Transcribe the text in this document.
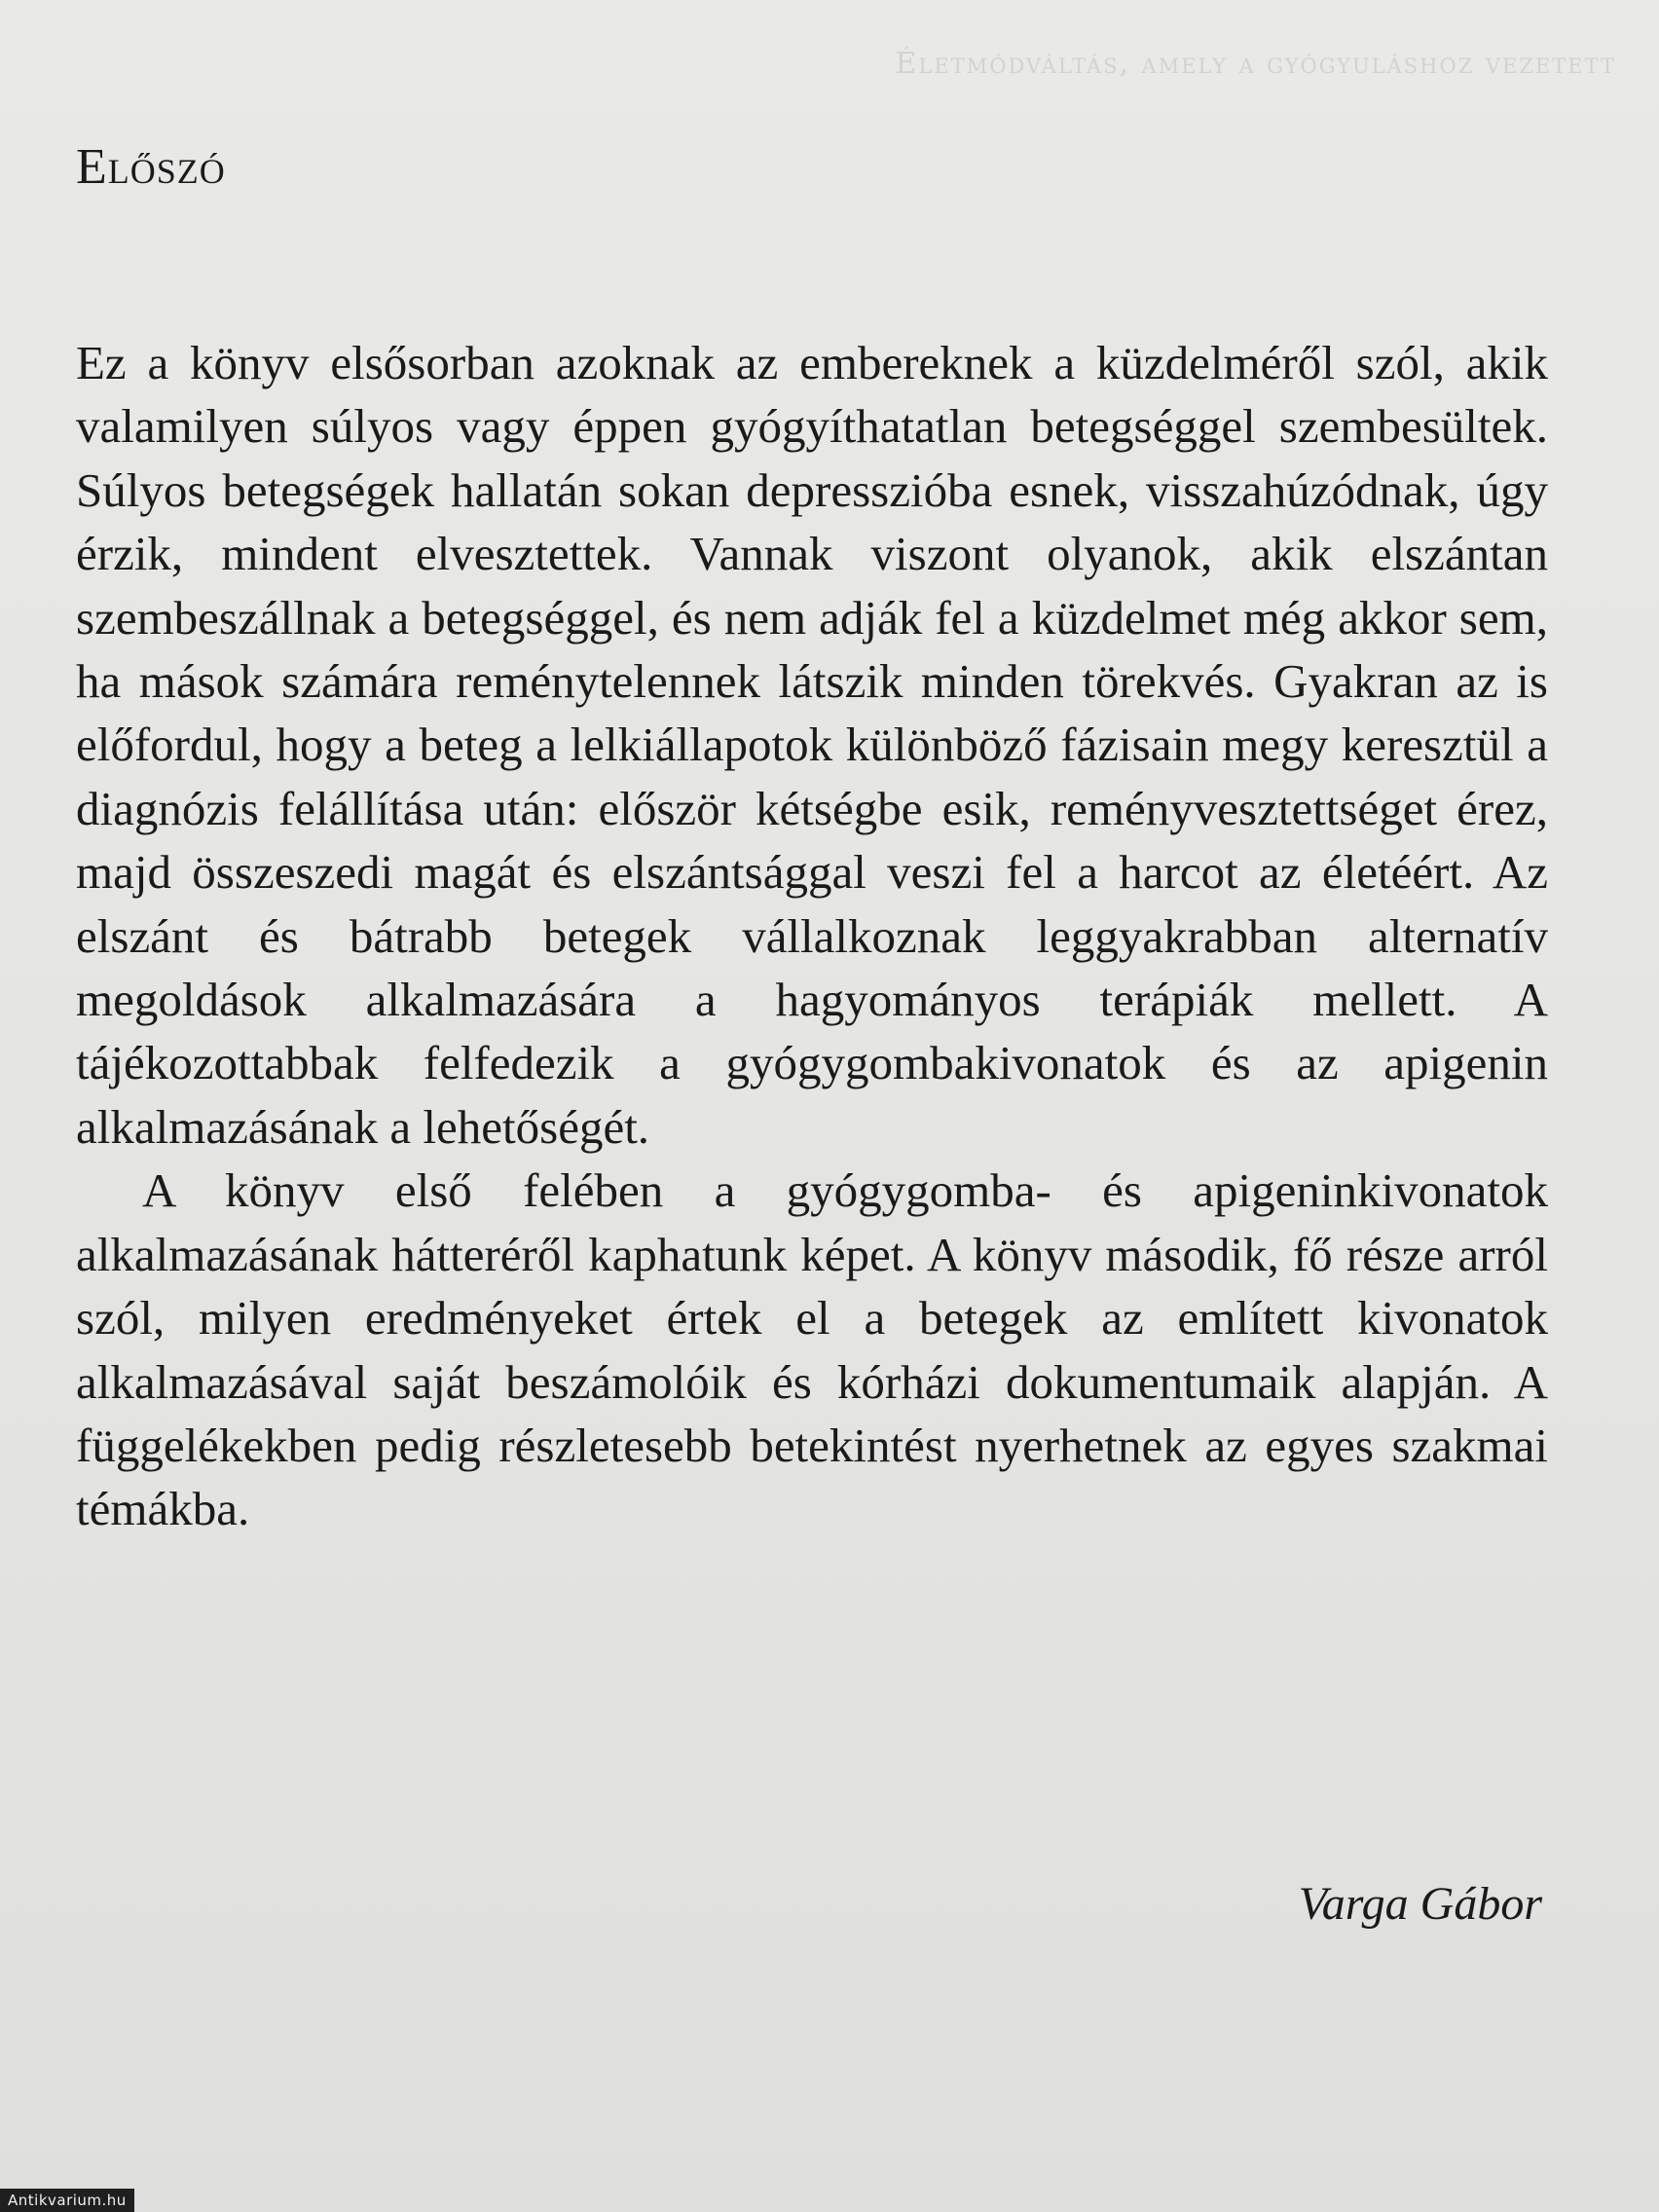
Életmódváltás, amely a gyógyuláshoz vezetett
Előszó

Ez a könyv elsősorban azoknak az embereknek a küzdelméről szól, akik valamilyen súlyos vagy éppen gyógyíthatatlan betegséggel szembesültek. Súlyos betegségek hallatán sokan depresszióba esnek, visszahúzódnak, úgy érzik, mindent elvesztettek. Vannak viszont olyanok, akik elszántan szembeszállnak a betegséggel, és nem adják fel a küzdelmet még akkor sem, ha mások számára reménytelennek látszik minden törekvés. Gyakran az is előfordul, hogy a beteg a lelkiállapotok különböző fázisain megy keresztül a diagnózis felállítása után: először kétségbe esik, reményvesztettséget érez, majd összeszedi magát és elszántsággal veszi fel a harcot az életéért. Az elszánt és bátrabb betegek vállalkoznak leggyakrabban alternatív megoldások alkalmazására a hagyományos terápiák mellett. A tájékozottabbak felfedezik a gyógygombakivonatok és az apigenin alkalmazásának a lehetőségét.

A könyv első felében a gyógygomba- és apigeninkivonatok alkalmazásának hátteréről kaphatunk képet. A könyv második, fő része arról szól, milyen eredményeket értek el a betegek az említett kivonatok alkalmazásával saját beszámolóik és kórházi dokumentumaik alapján. A függelékekben pedig részletesebb betekintést nyerhetnek az egyes szakmai témákba.

Varga Gábor
Antikvarium.hu
